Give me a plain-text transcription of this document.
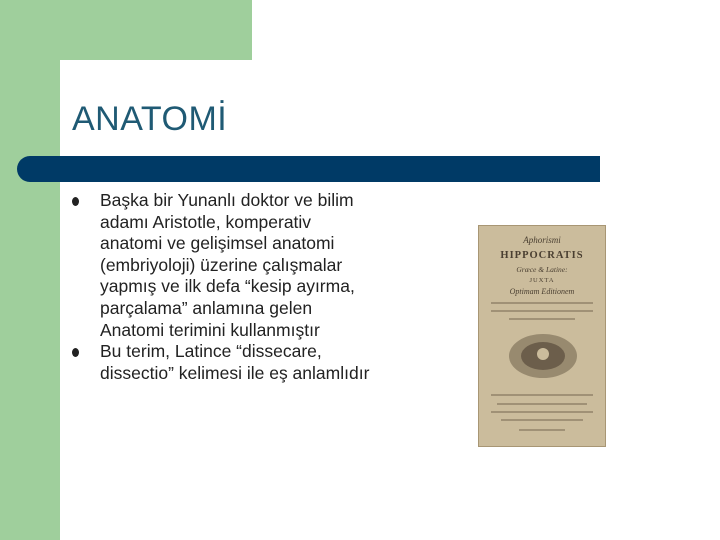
ANATOMİ
Başka bir Yunanlı doktor ve bilim adamı Aristotle, komperativ anatomi ve gelişimsel anatomi (embriyoloji) üzerine çalışmalar yapmış ve ilk defa “kesip ayırma, parçalama” anlamına gelen Anatomi terimini kullanmıştır
Bu terim, Latince “dissecare, dissectio” kelimesi ile eş anlamlıdır
Aphorismi
HIPPOCRATIS
Græce & Latine:
JUXTA
Optimam Editionem
